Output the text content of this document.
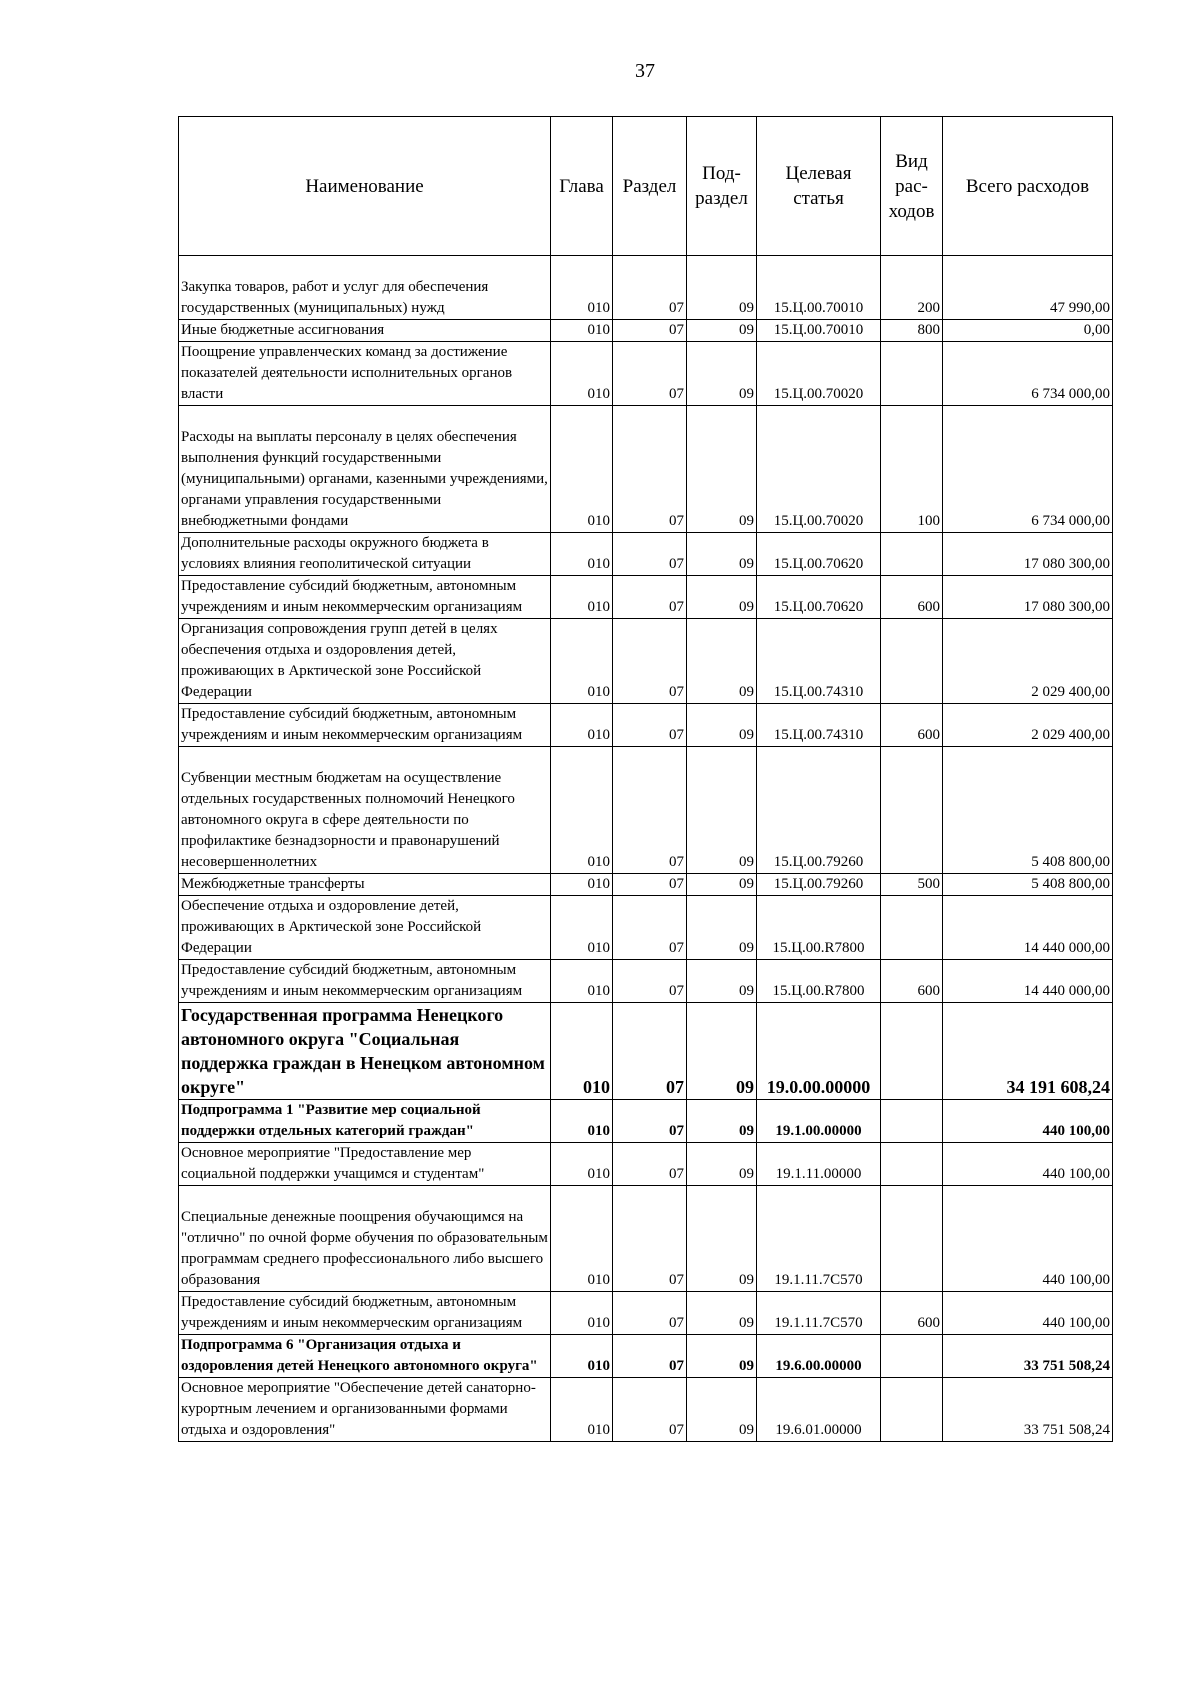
37
Наименование	Глава	Раздел	Под-раздел	Целевая статья	Вид рас-ходов	Всего расходов
Закупка товаров, работ и услуг для обеспечения государственных (муниципальных) нужд	010	07	09	15.Ц.00.70010	200	47 990,00
Иные бюджетные ассигнования	010	07	09	15.Ц.00.70010	800	0,00
Поощрение управленческих команд за достижение показателей деятельности исполнительных органов власти	010	07	09	15.Ц.00.70020		6 734 000,00
Расходы на выплаты персоналу в целях обеспечения выполнения функций государственными (муниципальными) органами, казенными учреждениями, органами управления государственными внебюджетными фондами	010	07	09	15.Ц.00.70020	100	6 734 000,00
Дополнительные расходы окружного бюджета в условиях влияния геополитической ситуации	010	07	09	15.Ц.00.70620		17 080 300,00
Предоставление субсидий бюджетным, автономным учреждениям и иным некоммерческим организациям	010	07	09	15.Ц.00.70620	600	17 080 300,00
Организация сопровождения групп детей в целях обеспечения отдыха и оздоровления детей, проживающих в Арктической зоне Российской Федерации	010	07	09	15.Ц.00.74310		2 029 400,00
Предоставление субсидий бюджетным, автономным учреждениям и иным некоммерческим организациям	010	07	09	15.Ц.00.74310	600	2 029 400,00
Субвенции местным бюджетам на осуществление отдельных государственных полномочий Ненецкого автономного округа в сфере деятельности по профилактике безнадзорности и правонарушений несовершеннолетних	010	07	09	15.Ц.00.79260		5 408 800,00
Межбюджетные трансферты	010	07	09	15.Ц.00.79260	500	5 408 800,00
Обеспечение отдыха и оздоровление детей, проживающих в Арктической зоне Российской Федерации	010	07	09	15.Ц.00.R7800		14 440 000,00
Предоставление субсидий бюджетным, автономным учреждениям и иным некоммерческим организациям	010	07	09	15.Ц.00.R7800	600	14 440 000,00
Государственная программа Ненецкого автономного округа "Социальная поддержка граждан в Ненецком автономном округе"	010	07	09	19.0.00.00000		34 191 608,24
Подпрограмма 1 "Развитие мер социальной поддержки отдельных категорий граждан"	010	07	09	19.1.00.00000		440 100,00
Основное мероприятие "Предоставление мер социальной поддержки учащимся и студентам"	010	07	09	19.1.11.00000		440 100,00
Специальные денежные поощрения обучающимся на "отлично" по очной форме обучения по образовательным программам среднего профессионального либо высшего образования	010	07	09	19.1.11.7С570		440 100,00
Предоставление субсидий бюджетным, автономным учреждениям и иным некоммерческим организациям	010	07	09	19.1.11.7С570	600	440 100,00
Подпрограмма 6 "Организация отдыха и оздоровления детей Ненецкого автономного округа"	010	07	09	19.6.00.00000		33 751 508,24
Основное мероприятие "Обеспечение детей санаторно-курортным лечением и организованными формами отдыха и оздоровления"	010	07	09	19.6.01.00000		33 751 508,24
